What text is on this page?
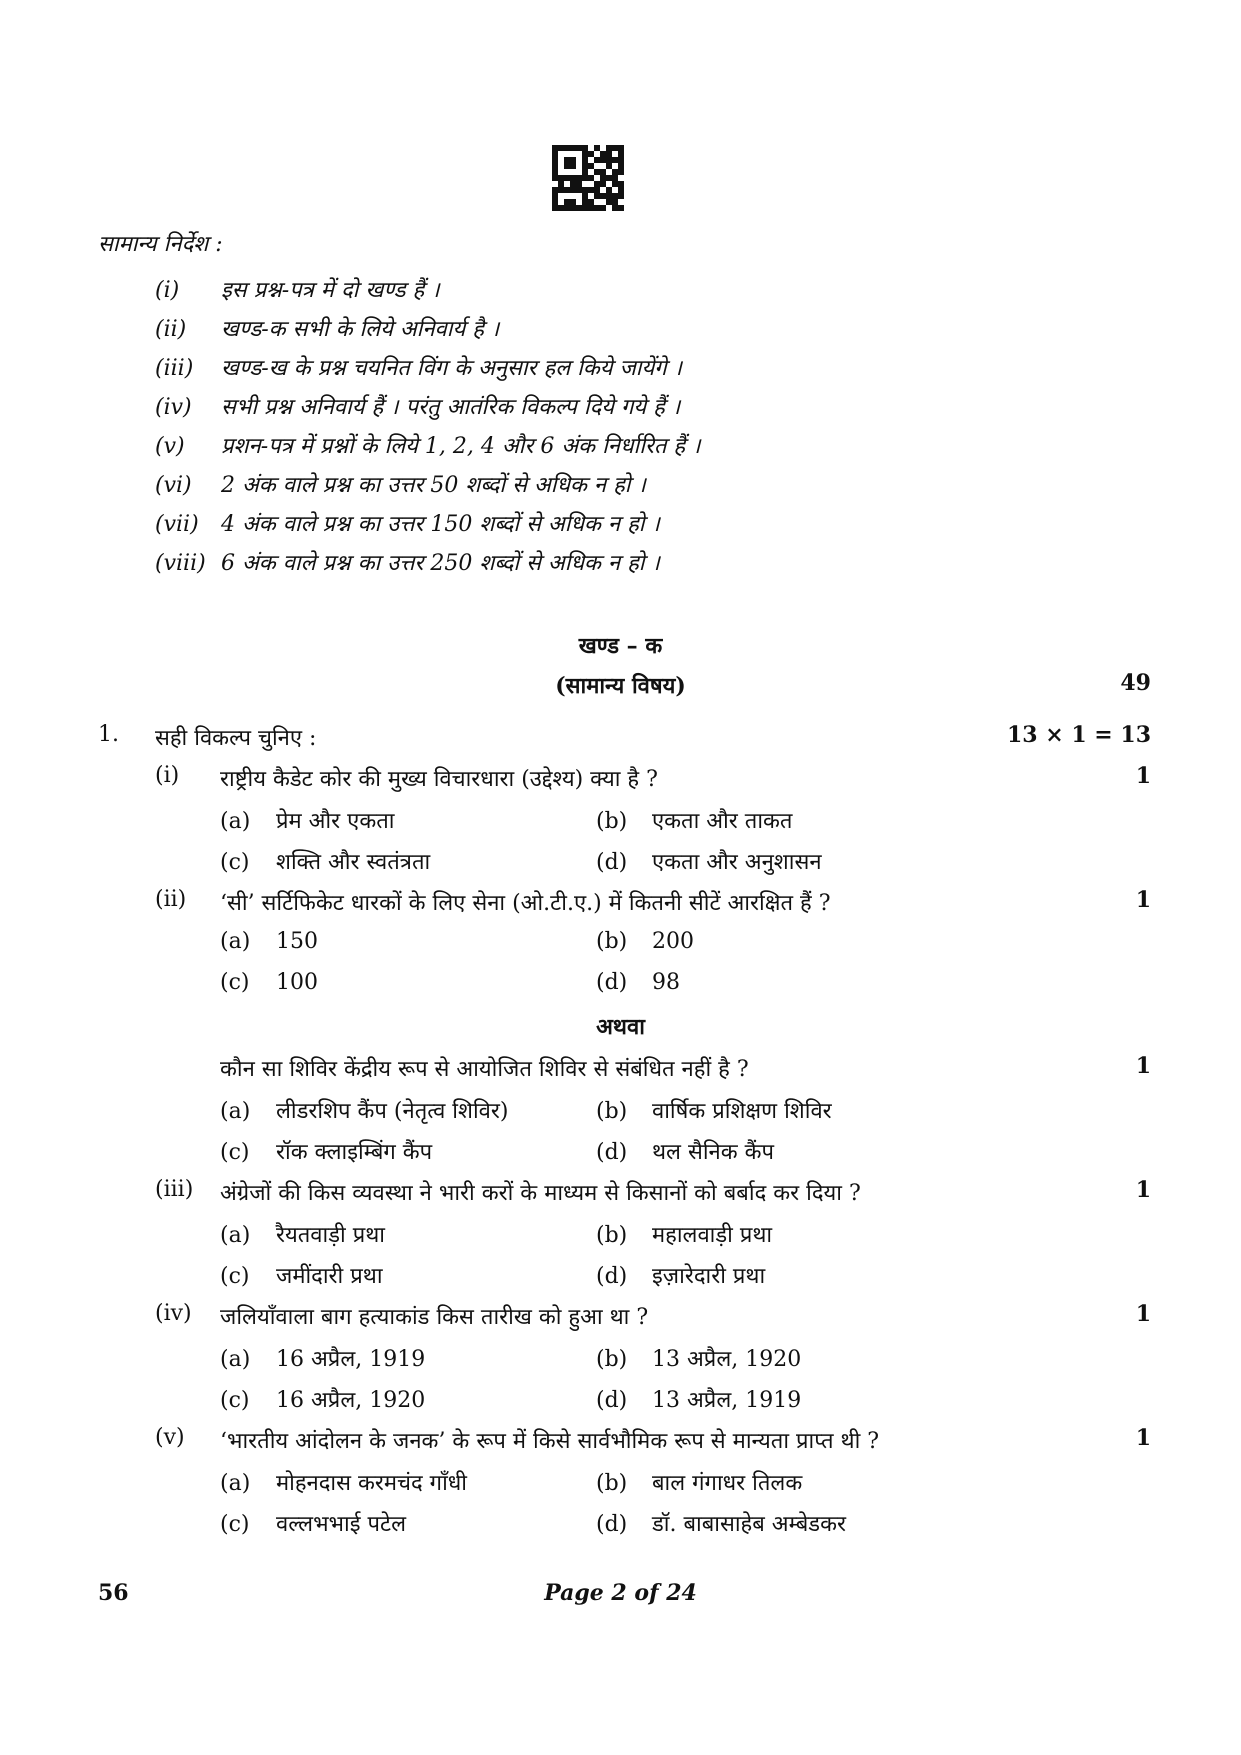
सामान्य निर्देश :
(i) इस प्रश्न-पत्र में दो खण्ड हैं ।
(ii) खण्ड-क सभी के लिये अनिवार्य है ।
(iii) खण्ड-ख के प्रश्न चयनित विंग के अनुसार हल किये जायेंगे ।
(iv) सभी प्रश्न अनिवार्य हैं । परंतु आतंरिक विकल्प दिये गये हैं ।
(v) प्रशन-पत्र में प्रश्नों के लिये 1, 2, 4 और 6 अंक निर्धारित हैं ।
(vi) 2 अंक वाले प्रश्न का उत्तर 50 शब्दों से अधिक न हो ।
(vii) 4 अंक वाले प्रश्न का उत्तर 150 शब्दों से अधिक न हो ।
(viii) 6 अंक वाले प्रश्न का उत्तर 250 शब्दों से अधिक न हो ।
खण्ड – क
(सामान्य विषय)	49
1. सही विकल्प चुनिए :	13 × 1 = 13
(i) राष्ट्रीय कैडेट कोर की मुख्य विचारधारा (उद्देश्य) क्या है ?	1
(a) प्रेम और एकता	(b) एकता और ताकत
(c) शक्ति और स्वतंत्रता	(d) एकता और अनुशासन
(ii) ‘सी’ सर्टिफिकेट धारकों के लिए सेना (ओ.टी.ए.) में कितनी सीटें आरक्षित हैं ?	1
(a) 150	(b) 200
(c) 100	(d) 98
अथवा
कौन सा शिविर केंद्रीय रूप से आयोजित शिविर से संबंधित नहीं है ?	1
(a) लीडरशिप कैंप (नेतृत्व शिविर)	(b) वार्षिक प्रशिक्षण शिविर
(c) रॉक क्लाइम्बिंग कैंप	(d) थल सैनिक कैंप
(iii) अंग्रेजों की किस व्यवस्था ने भारी करों के माध्यम से किसानों को बर्बाद कर दिया ?	1
(a) रैयतवाड़ी प्रथा	(b) महालवाड़ी प्रथा
(c) जमींदारी प्रथा	(d) इज़ारेदारी प्रथा
(iv) जलियाँवाला बाग हत्याकांड किस तारीख को हुआ था ?	1
(a) 16 अप्रैल, 1919	(b) 13 अप्रैल, 1920
(c) 16 अप्रैल, 1920	(d) 13 अप्रैल, 1919
(v) ‘भारतीय आंदोलन के जनक’ के रूप में किसे सार्वभौमिक रूप से मान्यता प्राप्त थी ?	1
(a) मोहनदास करमचंद गाँधी	(b) बाल गंगाधर तिलक
(c) वल्लभभाई पटेल	(d) डॉ. बाबासाहेब अम्बेडकर
56	Page 2 of 24
